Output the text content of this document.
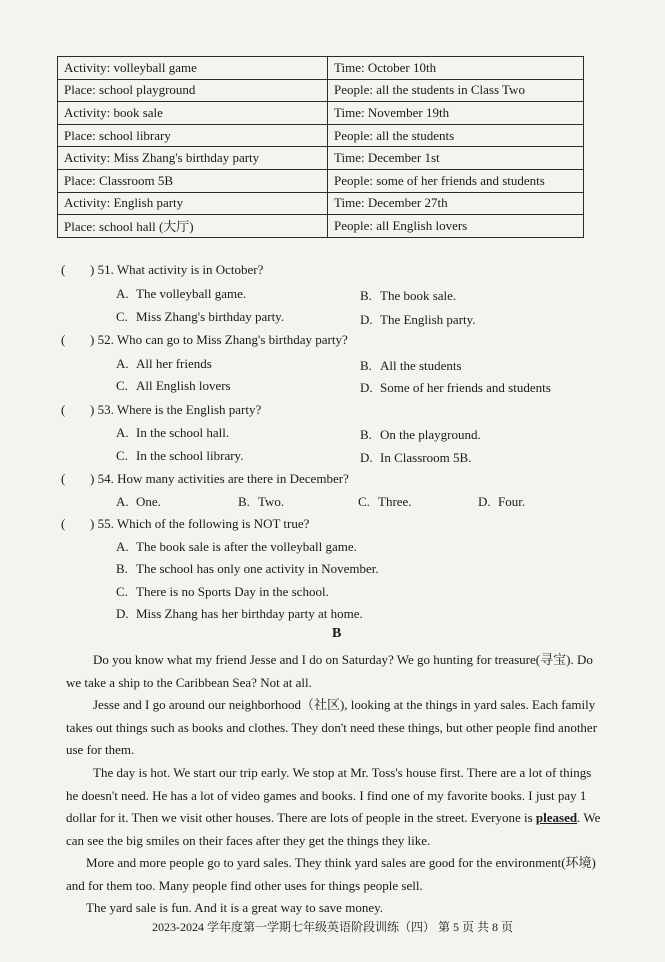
Activity: volleyball game	Time: October 10th
Place: school playground	People: all the students in Class Two
Activity: book sale	Time: November 19th
Place: school library	People: all the students
Activity: Miss Zhang's birthday party	Time: December 1st
Place: Classroom 5B	People: some of her friends and students
Activity: English party	Time: December 27th
Place: school hall (大厅)	People: all English lovers
( ) 51. What activity is in October?
A. The volleyball game.	B. The book sale.
C. Miss Zhang's birthday party.	D. The English party.
( ) 52. Who can go to Miss Zhang's birthday party?
A. All her friends	B. All the students
C. All English lovers	D. Some of her friends and students
( ) 53. Where is the English party?
A. In the school hall.	B. On the playground.
C. In the school library.	D. In Classroom 5B.
( ) 54. How many activities are there in December?
A. One.	B. Two.	C. Three.	D. Four.
( ) 55. Which of the following is NOT true?
A. The book sale is after the volleyball game.
B. The school has only one activity in November.
C. There is no Sports Day in the school.
D. Miss Zhang has her birthday party at home.
B
Do you know what my friend Jesse and I do on Saturday? We go hunting for treasure(寻宝). Do
we take a ship to the Caribbean Sea? Not at all.
Jesse and I go around our neighborhood（社区), looking at the things in yard sales. Each family
takes out things such as books and clothes. They don't need these things, but other people find another
use for them.
The day is hot. We start our trip early. We stop at Mr. Toss's house first. There are a lot of things
he doesn't need. He has a lot of video games and books. I find one of my favorite books. I just pay 1
dollar for it. Then we visit other houses. There are lots of people in the street. Everyone is pleased. We
can see the big smiles on their faces after they get the things they like.
More and more people go to yard sales. They think yard sales are good for the environment(环境)
and for them too. Many people find other uses for things people sell.
The yard sale is fun. And it is a great way to save money.
2023-2024 学年度第一学期七年级英语阶段训练（四） 第 5 页 共 8 页
